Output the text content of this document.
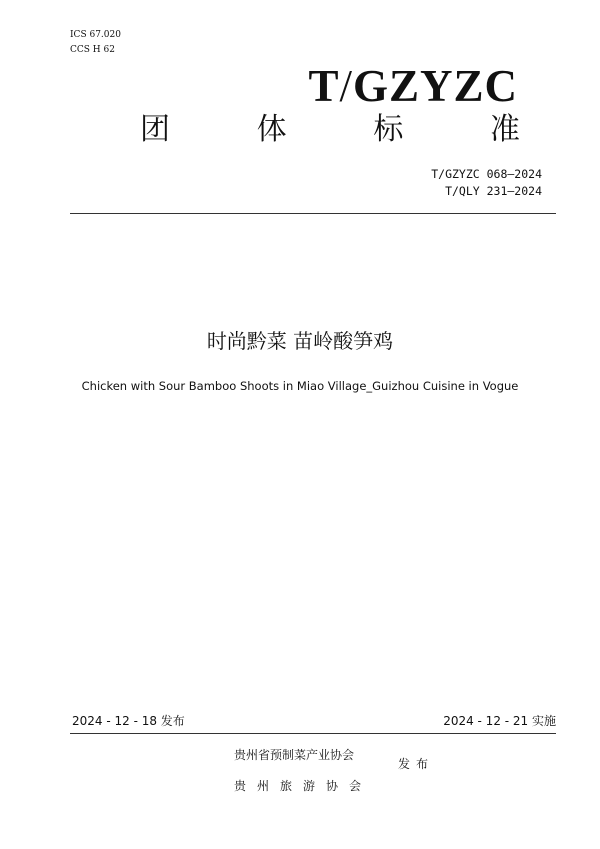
ICS 67.020
CCS H 62
T/GZYZC
团	体	标	准
T/GZYZC 068—2024
T/QLY 231—2024
时尚黔菜 苗岭酸笋鸡
Chicken with Sour Bamboo Shoots in Miao Village_Guizhou Cuisine in Vogue
2024 - 12 - 18 发布	2024 - 12 - 21 实施
贵州省预制菜产业协会
贵州旅游协会
发布
